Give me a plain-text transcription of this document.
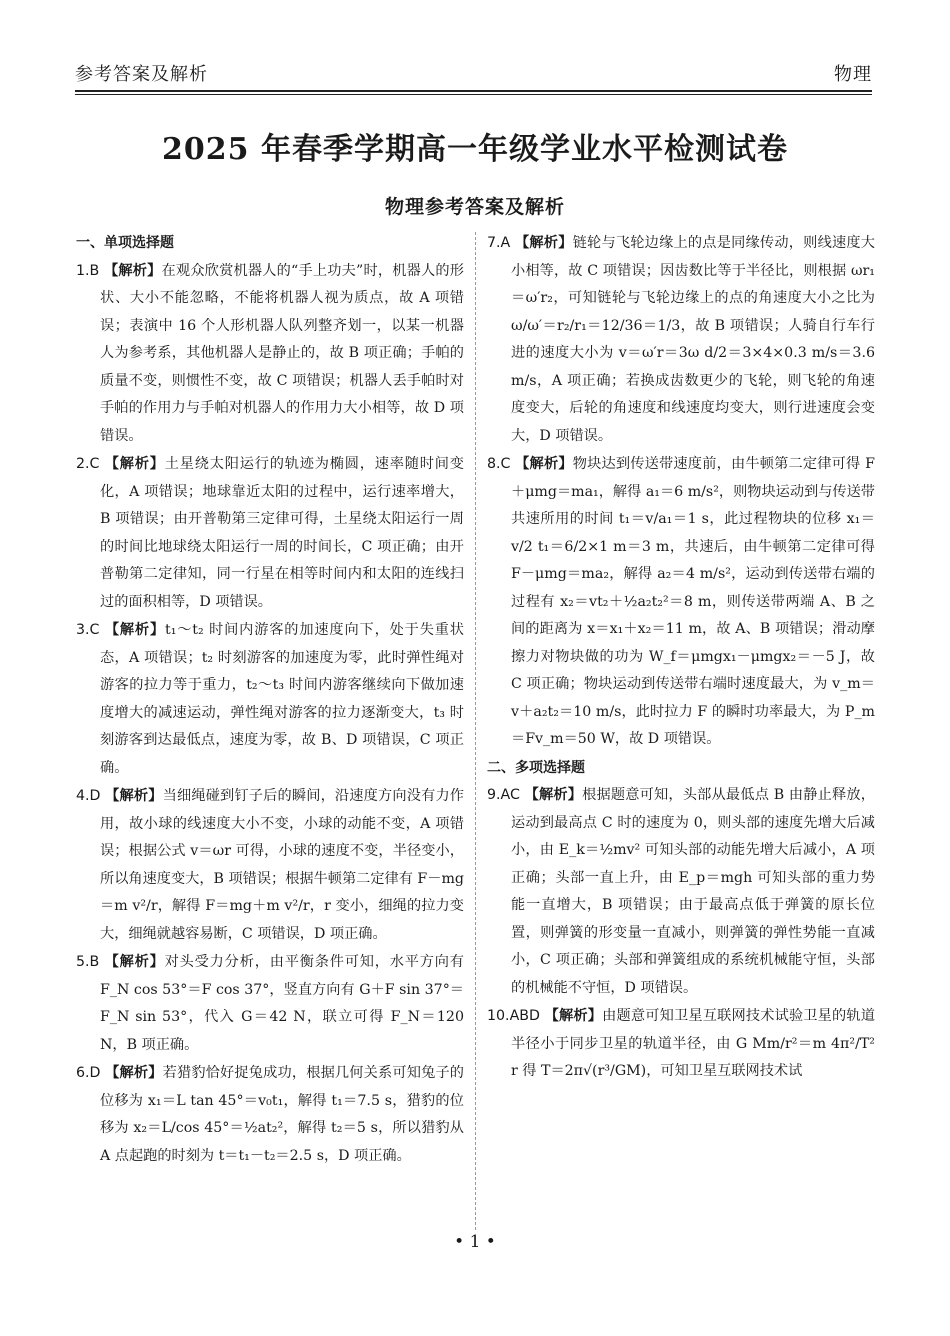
参考答案及解析	物理
2025 年春季学期高一年级学业水平检测试卷
物理参考答案及解析
一、单项选择题

1.B 【解析】在观众欣赏机器人的“手上功夫”时，机器人的形状、大小不能忽略，不能将机器人视为质点，故 A 项错误；表演中 16 个人形机器人队列整齐划一，以某一机器人为参考系，其他机器人是静止的，故 B 项正确；手帕的质量不变，则惯性不变，故 C 项错误；机器人丢手帕时对手帕的作用力与手帕对机器人的作用力大小相等，故 D 项错误。

2.C 【解析】土星绕太阳运行的轨迹为椭圆，速率随时间变化，A 项错误；地球靠近太阳的过程中，运行速率增大，B 项错误；由开普勒第三定律可得，土星绕太阳运行一周的时间比地球绕太阳运行一周的时间长，C 项正确；由开普勒第二定律知，同一行星在相等时间内和太阳的连线扫过的面积相等，D 项错误。

3.C 【解析】t₁～t₂ 时间内游客的加速度向下，处于失重状态，A 项错误；t₂ 时刻游客的加速度为零，此时弹性绳对游客的拉力等于重力，t₂～t₃ 时间内游客继续向下做加速度增大的减速运动，弹性绳对游客的拉力逐渐变大，t₃ 时刻游客到达最低点，速度为零，故 B、D 项错误，C 项正确。

4.D 【解析】当细绳碰到钉子后的瞬间，沿速度方向没有力作用，故小球的线速度大小不变，小球的动能不变，A 项错误；根据公式 v＝ωr 可得，小球的速度不变，半径变小，所以角速度变大，B 项错误；根据牛顿第二定律有 F－mg＝m v²/r，解得 F＝mg＋m v²/r，r 变小，细绳的拉力变大，细绳就越容易断，C 项错误，D 项正确。

5.B 【解析】对头受力分析，由平衡条件可知，水平方向有 F_N cos 53°＝F cos 37°，竖直方向有 G＋F sin 37°＝F_N sin 53°，代入 G＝42 N，联立可得 F_N＝120 N，B 项正确。

6.D 【解析】若猎豹恰好捉兔成功，根据几何关系可知兔子的位移为 x₁＝L tan 45°＝v₀t₁，解得 t₁＝7.5 s，猎豹的位移为 x₂＝L/cos 45°＝½at₂²，解得 t₂＝5 s，所以猎豹从 A 点起跑的时刻为 t＝t₁－t₂＝2.5 s，D 项正确。

7.A 【解析】链轮与飞轮边缘上的点是同缘传动，则线速度大小相等，故 C 项错误；因齿数比等于半径比，则根据 ωr₁＝ω′r₂，可知链轮与飞轮边缘上的点的角速度大小之比为 ω/ω′＝r₂/r₁＝12/36＝1/3，故 B 项错误；人骑自行车行进的速度大小为 v＝ω′r＝3ω d/2＝3×4×0.3 m/s＝3.6 m/s，A 项正确；若换成齿数更少的飞轮，则飞轮的角速度变大，后轮的角速度和线速度均变大，则行进速度会变大，D 项错误。

8.C 【解析】物块达到传送带速度前，由牛顿第二定律可得 F＋μmg＝ma₁，解得 a₁＝6 m/s²，则物块运动到与传送带共速所用的时间 t₁＝v/a₁＝1 s，此过程物块的位移 x₁＝v/2 t₁＝6/2×1 m＝3 m，共速后，由牛顿第二定律可得 F－μmg＝ma₂，解得 a₂＝4 m/s²，运动到传送带右端的过程有 x₂＝vt₂＋½a₂t₂²＝8 m，则传送带两端 A、B 之间的距离为 x＝x₁＋x₂＝11 m，故 A、B 项错误；滑动摩擦力对物块做的功为 W_f＝μmgx₁－μmgx₂＝－5 J，故 C 项正确；物块运动到传送带右端时速度最大，为 v_m＝v＋a₂t₂＝10 m/s，此时拉力 F 的瞬时功率最大，为 P_m＝Fv_m＝50 W，故 D 项错误。

二、多项选择题

9.AC 【解析】根据题意可知，头部从最低点 B 由静止释放，运动到最高点 C 时的速度为 0，则头部的速度先增大后减小，由 E_k＝½mv² 可知头部的动能先增大后减小，A 项正确；头部一直上升，由 E_p＝mgh 可知头部的重力势能一直增大，B 项错误；由于最高点低于弹簧的原长位置，则弹簧的形变量一直减小，则弹簧的弹性势能一直减小，C 项正确；头部和弹簧组成的系统机械能守恒，头部的机械能不守恒，D 项错误。

10.ABD 【解析】由题意可知卫星互联网技术试验卫星的轨道半径小于同步卫星的轨道半径，由 G Mm/r²＝m 4π²/T² r 得 T＝2π√(r³/GM)，可知卫星互联网技术试

• 1 •
